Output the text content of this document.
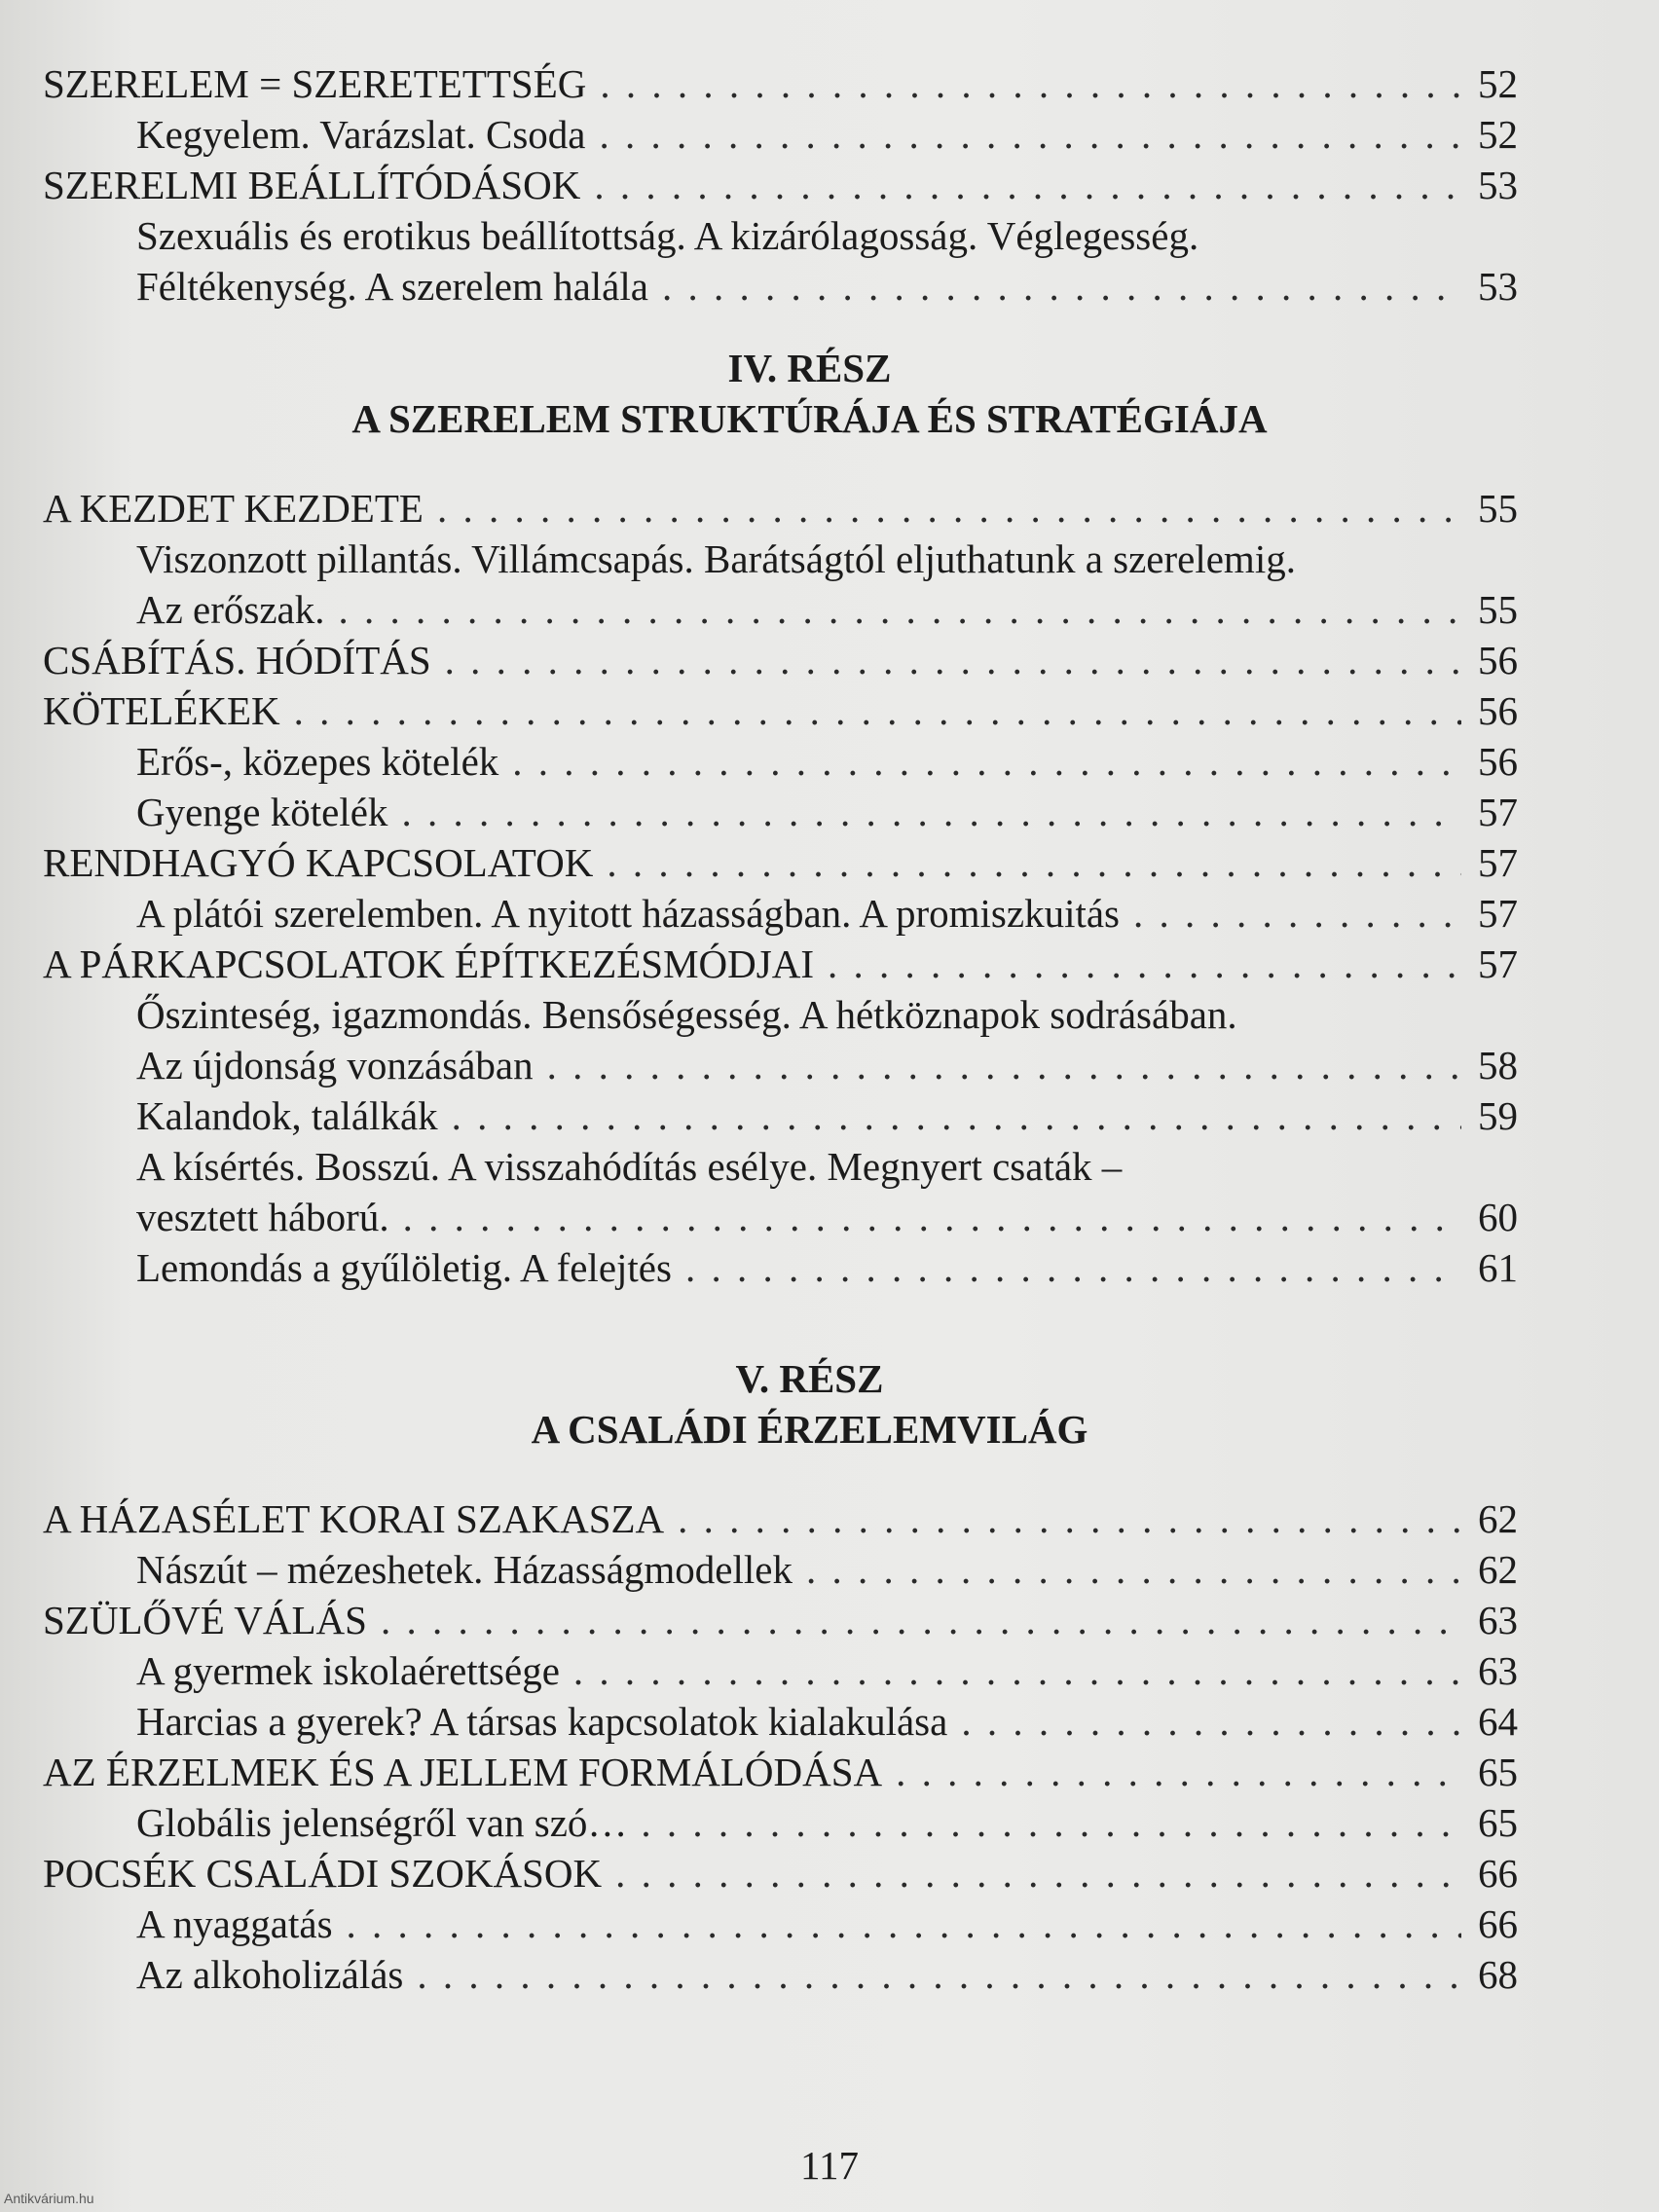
SZERELEM = SZERETETTSÉG . . .	52
Kegyelem. Varázslat. Csoda . . .	52
SZERELMI BEÁLLÍTÓDÁSOK . . .	53
Szexuális és erotikus beállítottság. A kizárólagosság. Véglegesség.
Féltékenység. A szerelem halála . . .	53
IV. RÉSZ
A SZERELEM STRUKTÚRÁJA ÉS STRATÉGIÁJA
A KEZDET KEZDETE . . .	55
Viszonzott pillantás. Villámcsapás. Barátságtól eljuthatunk a szerelemig.
Az erőszak. . . .	55
CSÁBÍTÁS. HÓDÍTÁS . . .	56
KÖTELÉKEK . . .	56
Erős-, közepes kötelék . . .	56
Gyenge kötelék . . .	57
RENDHAGYÓ KAPCSOLATOK . . .	57
A plátói szerelemben. A nyitott házasságban. A promiszkuitás . . .	57
A PÁRKAPCSOLATOK ÉPÍTKEZÉSMÓDJAI . . .	57
Őszinteség, igazmondás. Bensőségesség. A hétköznapok sodrásában.
Az újdonság vonzásában . . .	58
Kalandok, találkák . . .	59
A kísértés. Bosszú. A visszahódítás esélye. Megnyert csaták –
vesztett háború. . . .	60
Lemondás a gyűlöletig. A felejtés . . .	61
V. RÉSZ
A CSALÁDI ÉRZELEMVILÁG
A HÁZASÉLET KORAI SZAKASZA . . .	62
Nászút – mézeshetek. Házasságmodellek . . .	62
SZÜLŐVÉ VÁLÁS . . .	63
A gyermek iskolaérettsége . . .	63
Harcias a gyerek? A társas kapcsolatok kialakulása . . .	64
AZ ÉRZELMEK ÉS A JELLEM FORMÁLÓDÁSA . . .	65
Globális jelenségről van szó… . . .	65
POCSÉK CSALÁDI SZOKÁSOK . . .	66
A nyaggatás . . .	66
Az alkoholizálás . . .	68
117
Antikvárium.hu
